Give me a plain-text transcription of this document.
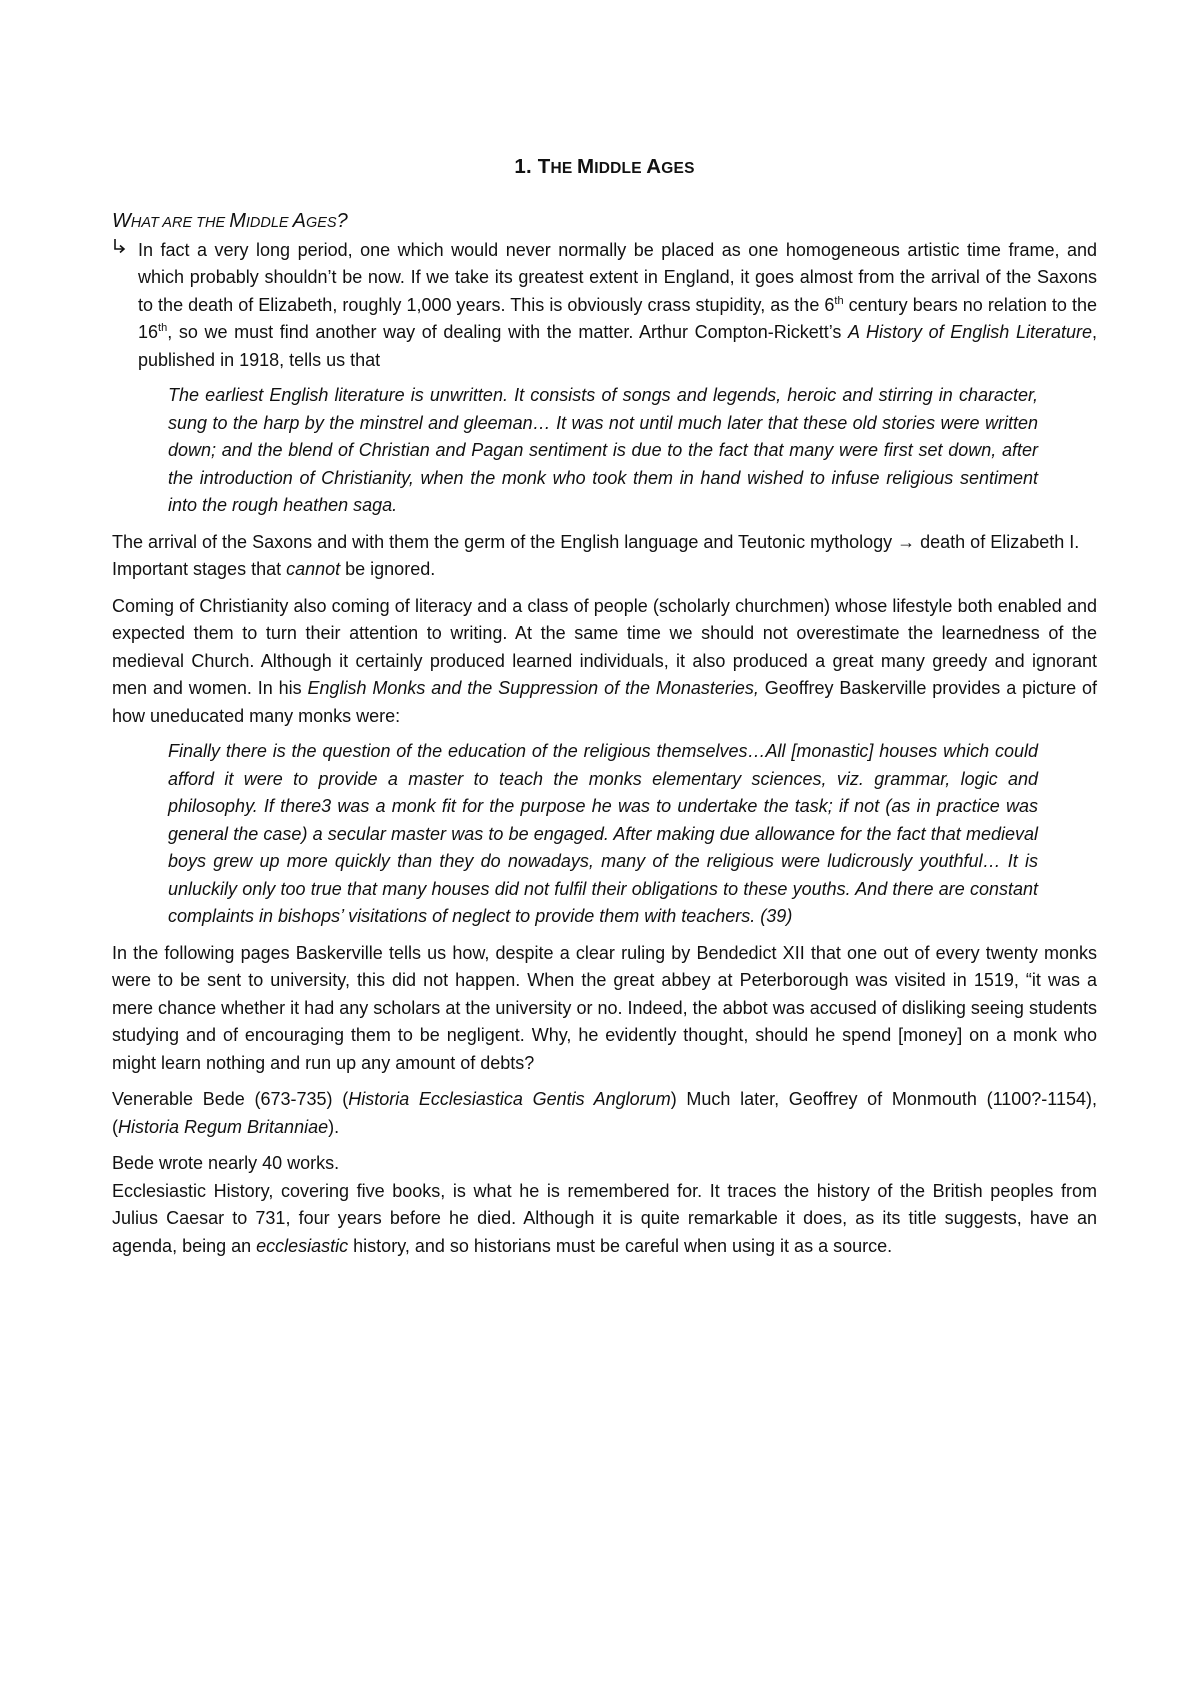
1. THE MIDDLE AGES
WHAT ARE THE MIDDLE AGES?
In fact a very long period, one which would never normally be placed as one homogeneous artistic time frame, and which probably shouldn’t be now. If we take its greatest extent in England, it goes almost from the arrival of the Saxons to the death of Elizabeth, roughly 1,000 years. This is obviously crass stupidity, as the 6th century bears no relation to the 16th, so we must find another way of dealing with the matter. Arthur Compton-Rickett’s A History of English Literature, published in 1918, tells us that
The earliest English literature is unwritten. It consists of songs and legends, heroic and stirring in character, sung to the harp by the minstrel and gleeman… It was not until much later that these old stories were written down; and the blend of Christian and Pagan sentiment is due to the fact that many were first set down, after the introduction of Christianity, when the monk who took them in hand wished to infuse religious sentiment into the rough heathen saga.

The arrival of the Saxons and with them the germ of the English language and Teutonic mythology → death of Elizabeth I.
Important stages that cannot be ignored.

Coming of Christianity also coming of literacy and a class of people (scholarly churchmen) whose lifestyle both enabled and expected them to turn their attention to writing. At the same time we should not overestimate the learnedness of the medieval Church. Although it certainly produced learned individuals, it also produced a great many greedy and ignorant men and women. In his English Monks and the Suppression of the Monasteries, Geoffrey Baskerville provides a picture of how uneducated many monks were:

Finally there is the question of the education of the religious themselves…All [monastic] houses which could afford it were to provide a master to teach the monks elementary sciences, viz. grammar, logic and philosophy. If there3 was a monk fit for the purpose he was to undertake the task; if not (as in practice was general the case) a secular master was to be engaged. After making due allowance for the fact that medieval boys grew up more quickly than they do nowadays, many of the religious were ludicrously youthful… It is unluckily only too true that many houses did not fulfil their obligations to these youths. And there are constant complaints in bishops’ visitations of neglect to provide them with teachers. (39)

In the following pages Baskerville tells us how, despite a clear ruling by Bendedict XII that one out of every twenty monks were to be sent to university, this did not happen. When the great abbey at Peterborough was visited in 1519, “it was a mere chance whether it had any scholars at the university or no. Indeed, the abbot was accused of disliking seeing students studying and of encouraging them to be negligent. Why, he evidently thought, should he spend [money] on a monk who might learn nothing and run up any amount of debts?

Venerable Bede (673-735) (Historia Ecclesiastica Gentis Anglorum) Much later, Geoffrey of Monmouth (1100?-1154), (Historia Regum Britanniae).

Bede wrote nearly 40 works.
Ecclesiastic History, covering five books, is what he is remembered for. It traces the history of the British peoples from Julius Caesar to 731, four years before he died. Although it is quite remarkable it does, as its title suggests, have an agenda, being an ecclesiastic history, and so historians must be careful when using it as a source.
